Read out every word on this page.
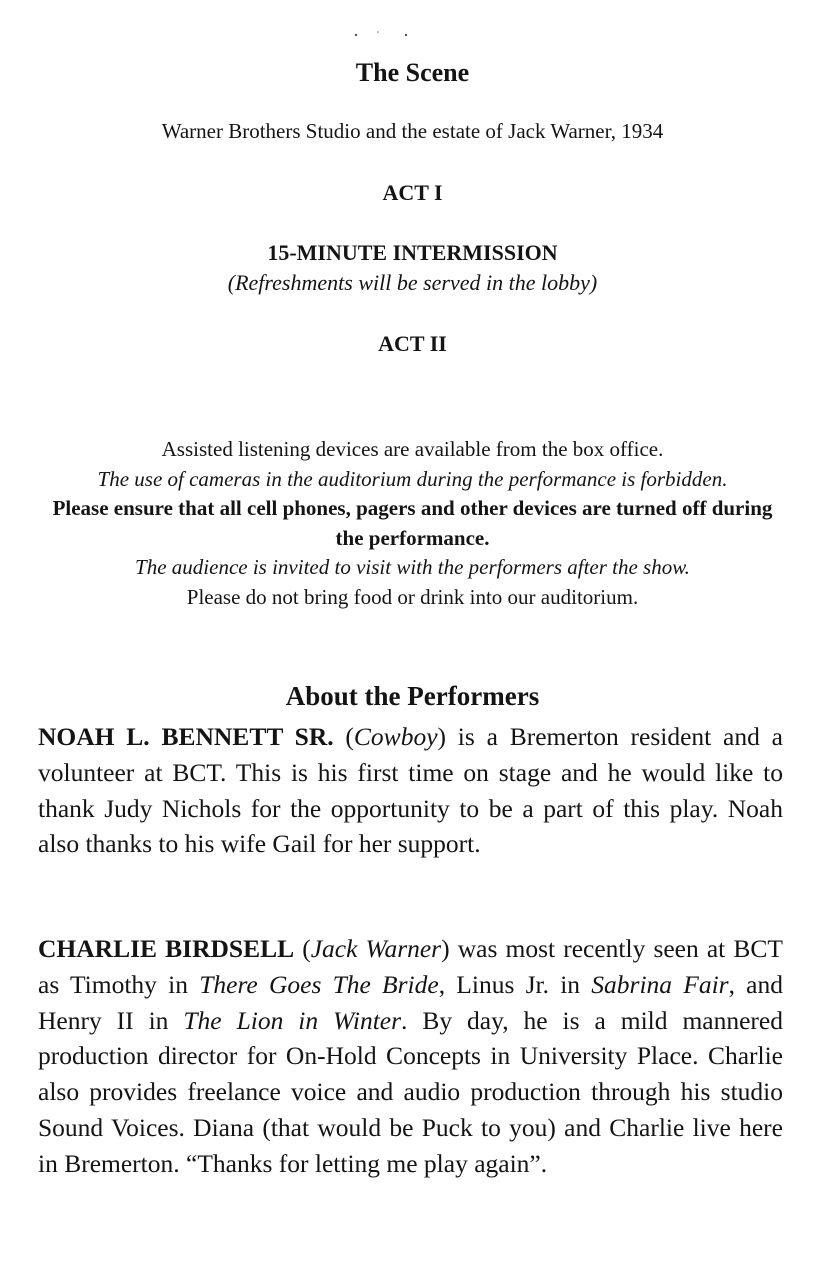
The Scene
Warner Brothers Studio and the estate of Jack Warner, 1934
ACT I
15-MINUTE INTERMISSION
(Refreshments will be served in the lobby)
ACT II
Assisted listening devices are available from the box office.
The use of cameras in the auditorium during the performance is forbidden.
Please ensure that all cell phones, pagers and other devices are turned off during the performance.
The audience is invited to visit with the performers after the show.
Please do not bring food or drink into our auditorium.
About the Performers
NOAH L. BENNETT SR. (Cowboy) is a Bremerton resident and a volunteer at BCT. This is his first time on stage and he would like to thank Judy Nichols for the opportunity to be a part of this play. Noah also thanks to his wife Gail for her support.
CHARLIE BIRDSELL (Jack Warner) was most recently seen at BCT as Timothy in There Goes The Bride, Linus Jr. in Sabrina Fair, and Henry II in The Lion in Winter. By day, he is a mild mannered production director for On-Hold Concepts in University Place. Charlie also provides freelance voice and audio production through his studio Sound Voices. Diana (that would be Puck to you) and Charlie live here in Bremerton. “Thanks for letting me play again”.
